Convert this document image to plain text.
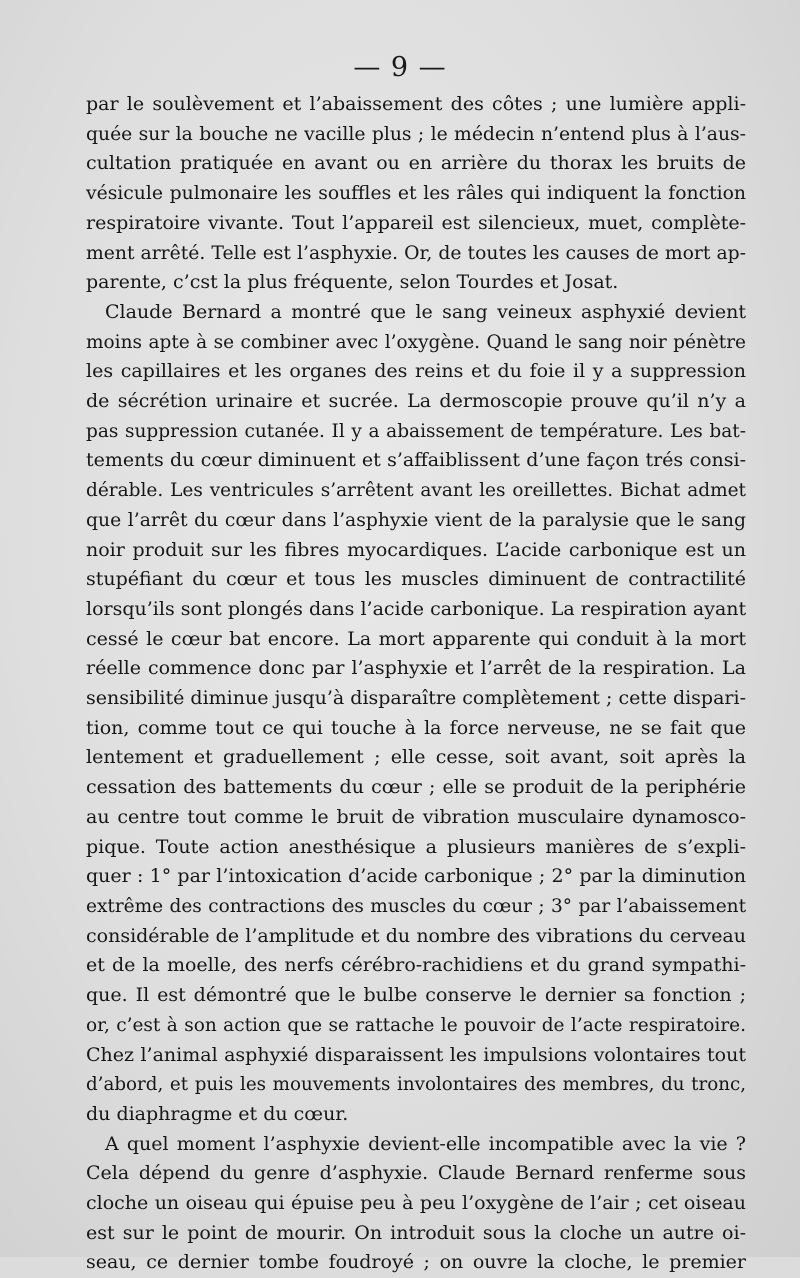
— 9 —
par le soulèvement et l’abaissement des côtes ; une lumière appli-
quée sur la bouche ne vacille plus ; le médecin n’entend plus à l’aus-
cultation pratiquée en avant ou en arrière du thorax les bruits de
vésicule pulmonaire les souffles et les râles qui indiquent la fonction
respiratoire vivante. Tout l’appareil est silencieux, muet, complète-
ment arrêté. Telle est l’asphyxie. Or, de toutes les causes de mort ap-
parente, c’cst la plus fréquente, selon Tourdes et Josat.
Claude Bernard a montré que le sang veineux asphyxié devient
moins apte à se combiner avec l’oxygène. Quand le sang noir pénètre
les capillaires et les organes des reins et du foie il y a suppression
de sécrétion urinaire et sucrée. La dermoscopie prouve qu’il n’y a
pas suppression cutanée. Il y a abaissement de température. Les bat-
tements du cœur diminuent et s’affaiblissent d’une façon trés consi-
dérable. Les ventricules s’arrêtent avant les oreillettes. Bichat admet
que l’arrêt du cœur dans l’asphyxie vient de la paralysie que le sang
noir produit sur les fibres myocardiques. L’acide carbonique est un
stupéfiant du cœur et tous les muscles diminuent de contractilité
lorsqu’ils sont plongés dans l’acide carbonique. La respiration ayant
cessé le cœur bat encore. La mort apparente qui conduit à la mort
réelle commence donc par l’asphyxie et l’arrêt de la respiration. La
sensibilité diminue jusqu’à disparaître complètement ; cette dispari-
tion, comme tout ce qui touche à la force nerveuse, ne se fait que
lentement et graduellement ; elle cesse, soit avant, soit après la
cessation des battements du cœur ; elle se produit de la periphérie
au centre tout comme le bruit de vibration musculaire dynamosco-
pique. Toute action anesthésique a plusieurs manières de s’expli-
quer : 1° par l’intoxication d’acide carbonique ; 2° par la diminution
extrême des contractions des muscles du cœur ; 3° par l’abaissement
considérable de l’amplitude et du nombre des vibrations du cerveau
et de la moelle, des nerfs cérébro-rachidiens et du grand sympathi-
que. Il est démontré que le bulbe conserve le dernier sa fonction ;
or, c’est à son action que se rattache le pouvoir de l’acte respiratoire.
Chez l’animal asphyxié disparaissent les impulsions volontaires tout
d’abord, et puis les mouvements involontaires des membres, du tronc,
du diaphragme et du cœur.
A quel moment l’asphyxie devient-elle incompatible avec la vie ?
Cela dépend du genre d’asphyxie. Claude Bernard renferme sous
cloche un oiseau qui épuise peu à peu l’oxygène de l’air ; cet oiseau
est sur le point de mourir. On introduit sous la cloche un autre oi-
seau, ce dernier tombe foudroyé ; on ouvre la cloche, le premier
